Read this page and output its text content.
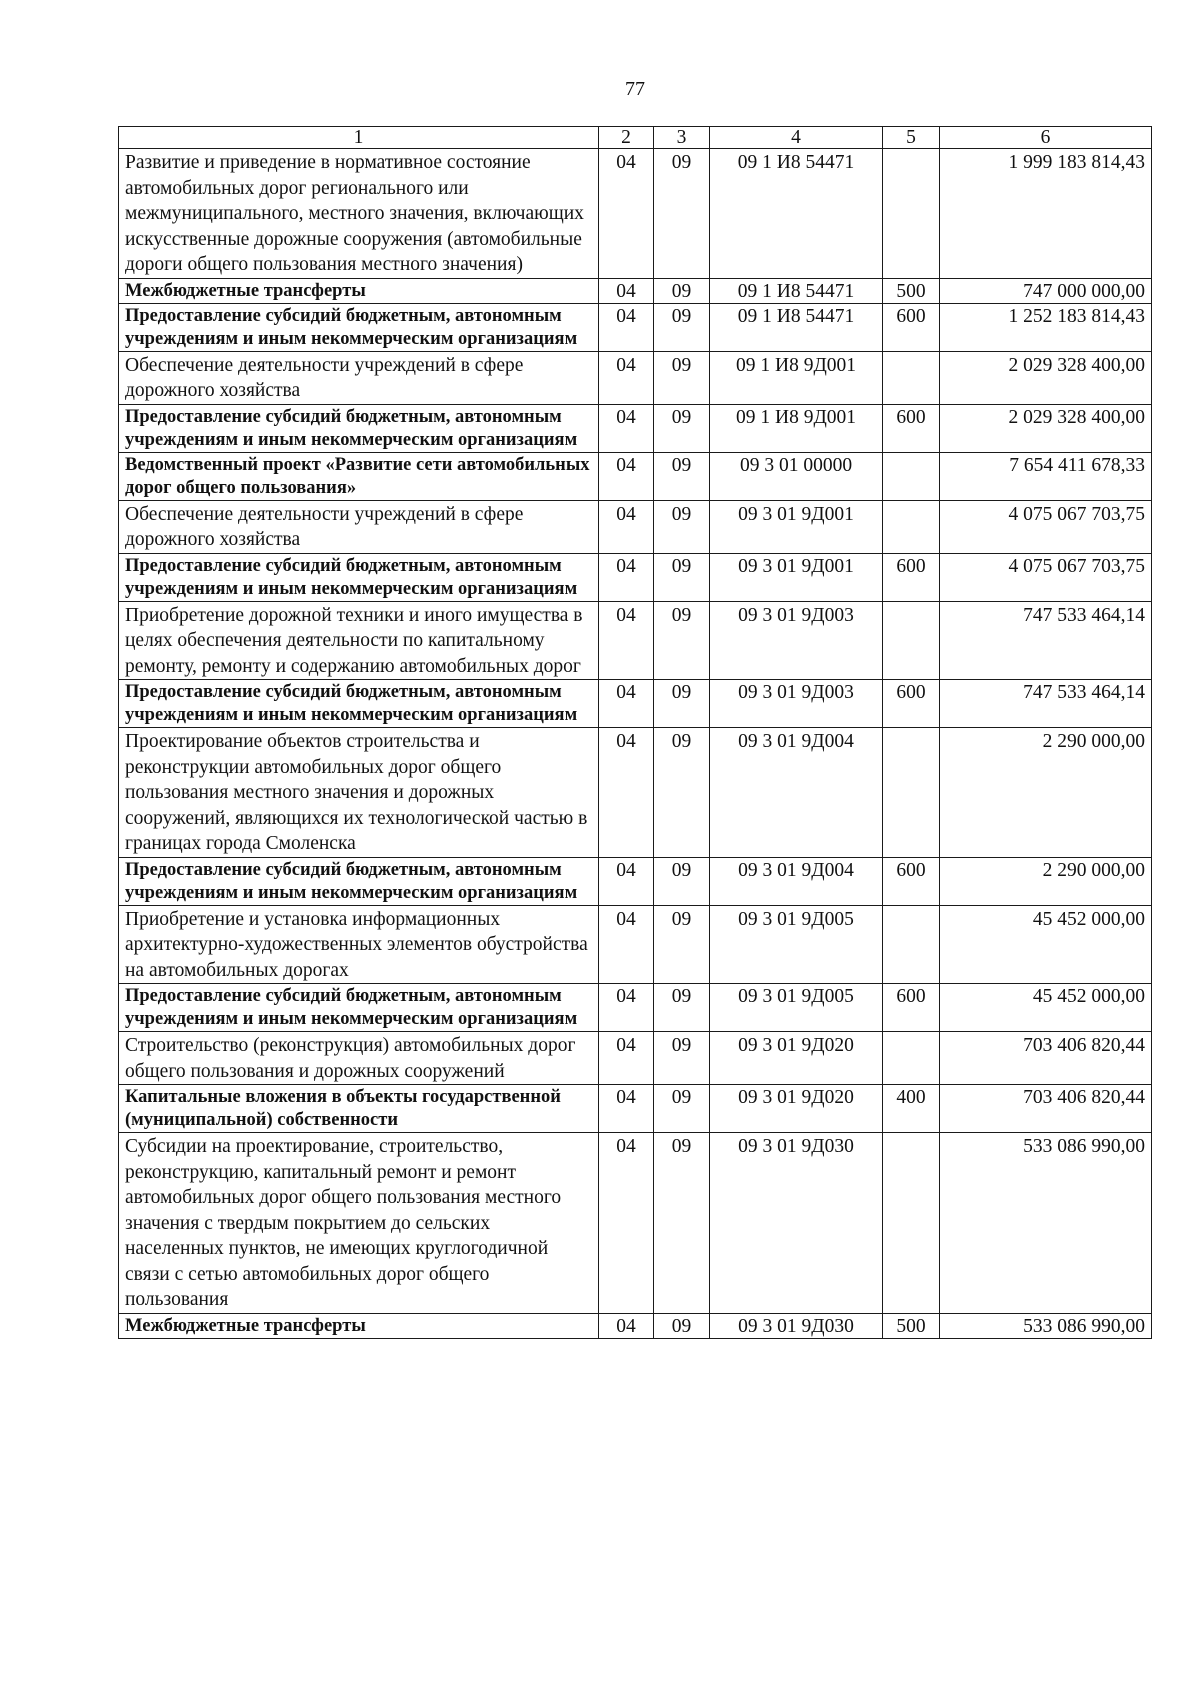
77
1	2	3	4	5	6
Развитие и приведение в нормативное состояние автомобильных дорог регионального или межмуниципального, местного значения, включающих искусственные дорожные сооружения (автомобильные дороги общего пользования местного значения)	04	09	09 1 И8 54471		1 999 183 814,43
Межбюджетные трансферты	04	09	09 1 И8 54471	500	747 000 000,00
Предоставление субсидий бюджетным, автономным учреждениям и иным некоммерческим организациям	04	09	09 1 И8 54471	600	1 252 183 814,43
Обеспечение деятельности учреждений в сфере дорожного хозяйства	04	09	09 1 И8 9Д001		2 029 328 400,00
Предоставление субсидий бюджетным, автономным учреждениям и иным некоммерческим организациям	04	09	09 1 И8 9Д001	600	2 029 328 400,00
Ведомственный проект «Развитие сети автомобильных дорог общего пользования»	04	09	09 3 01 00000		7 654 411 678,33
Обеспечение деятельности учреждений в сфере дорожного хозяйства	04	09	09 3 01 9Д001		4 075 067 703,75
Предоставление субсидий бюджетным, автономным учреждениям и иным некоммерческим организациям	04	09	09 3 01 9Д001	600	4 075 067 703,75
Приобретение дорожной техники и иного имущества в целях обеспечения деятельности по капитальному ремонту, ремонту и содержанию автомобильных дорог	04	09	09 3 01 9Д003		747 533 464,14
Предоставление субсидий бюджетным, автономным учреждениям и иным некоммерческим организациям	04	09	09 3 01 9Д003	600	747 533 464,14
Проектирование объектов строительства и реконструкции автомобильных дорог общего пользования местного значения и дорожных сооружений, являющихся их технологической частью в границах города Смоленска	04	09	09 3 01 9Д004		2 290 000,00
Предоставление субсидий бюджетным, автономным учреждениям и иным некоммерческим организациям	04	09	09 3 01 9Д004	600	2 290 000,00
Приобретение и установка информационных архитектурно-художественных элементов обустройства на автомобильных дорогах	04	09	09 3 01 9Д005		45 452 000,00
Предоставление субсидий бюджетным, автономным учреждениям и иным некоммерческим организациям	04	09	09 3 01 9Д005	600	45 452 000,00
Строительство (реконструкция) автомобильных дорог общего пользования и дорожных сооружений	04	09	09 3 01 9Д020		703 406 820,44
Капитальные вложения в объекты государственной (муниципальной) собственности	04	09	09 3 01 9Д020	400	703 406 820,44
Субсидии на проектирование, строительство, реконструкцию, капитальный ремонт и ремонт автомобильных дорог общего пользования местного значения с твердым покрытием до сельских населенных пунктов, не имеющих круглогодичной связи с сетью автомобильных дорог общего пользования	04	09	09 3 01 9Д030		533 086 990,00
Межбюджетные трансферты	04	09	09 3 01 9Д030	500	533 086 990,00
